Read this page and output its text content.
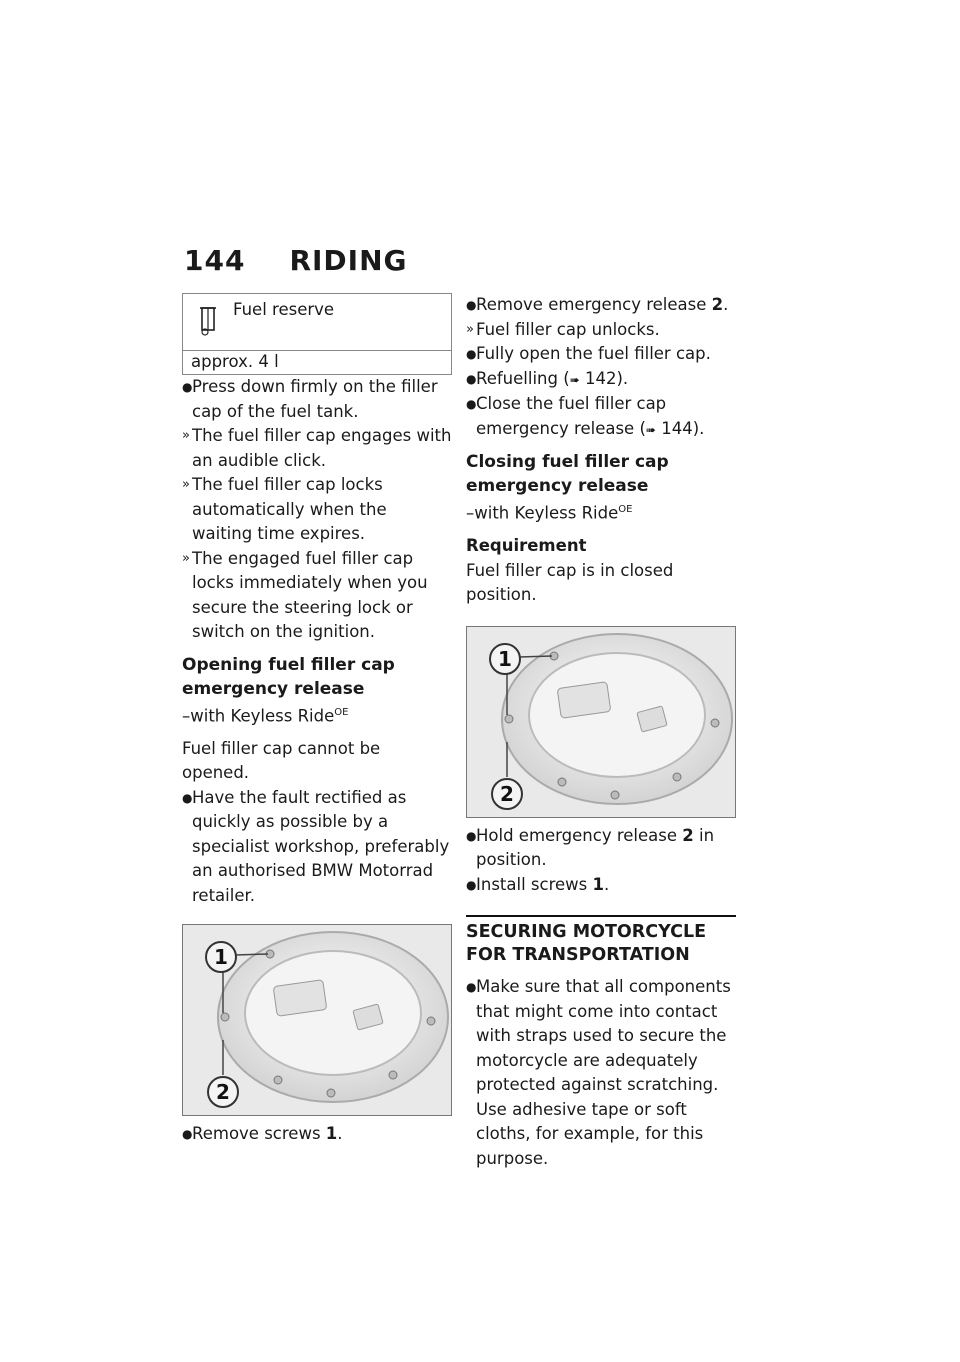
144 RIDING
Fuel reserve
approx. 4 l
● Press down firmly on the filler cap of the fuel tank.
» The fuel filler cap engages with an audible click.
» The fuel filler cap locks automatically when the waiting time expires.
» The engaged fuel filler cap locks immediately when you secure the steering lock or switch on the ignition.

Opening fuel filler cap emergency release

–with Keyless Ride$^{OE}$

Fuel filler cap cannot be opened.

● Have the fault rectified as quickly as possible by a specialist workshop, preferably an authorised BMW Motorrad retailer.
1
2
● Remove screws 1.
● Remove emergency release 2.
» Fuel filler cap unlocks.
● Fully open the fuel filler cap.
● Refuelling (➠ 142).
● Close the fuel filler cap emergency release (➠ 144).

Closing fuel filler cap emergency release

–with Keyless Ride$^{OE}$

Requirement

Fuel filler cap is in closed position.

1
2
● Hold emergency release 2 in position.
● Install screws 1.

SECURING MOTORCYCLE FOR TRANSPORTATION

● Make sure that all components that might come into contact with straps used to secure the motorcycle are adequately protected against scratching. Use adhesive tape or soft cloths, for example, for this purpose.
